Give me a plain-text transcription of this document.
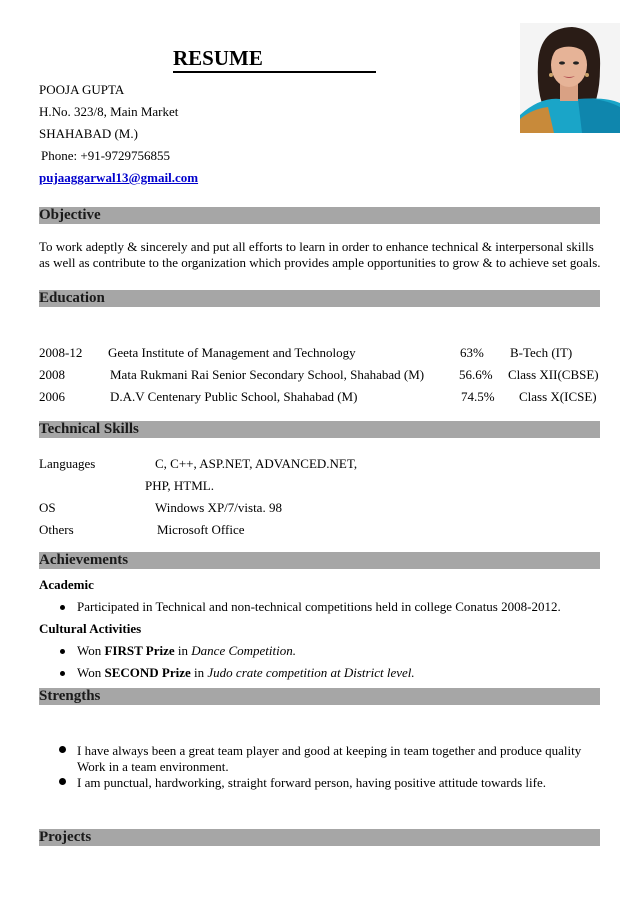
RESUME
POOJA GUPTA
H.No. 323/8, Main Market
SHAHABAD (M.)
Phone: +91-9729756855
pujaaggarwal13@gmail.com
Objective
To work adeptly & sincerely and put all efforts to learn in order to enhance technical & interpersonal skills
as well as contribute to the organization which provides ample opportunities to grow & to achieve set goals.
Education
2008-12 Geeta Institute of Management and Technology	63% B-Tech (IT)
2008	Mata Rukmani Rai Senior Secondary School, Shahabad (M)	56.6% Class XII(CBSE)
2006	D.A.V Centenary Public School, Shahabad (M)	74.5% Class X(ICSE)
Technical Skills
Languages	C, C++, ASP.NET, ADVANCED.NET,
PHP, HTML.
OS	Windows XP/7/vista. 98
Others	Microsoft Office
Achievements
Academic
Participated in Technical and non-technical competitions held in college Conatus 2008-2012.
Cultural Activities
Won FIRST Prize in Dance Competition.
Won SECOND Prize in Judo crate competition at District level.
Strengths
I have always been a great team player and good at keeping in team together and produce quality
Work in a team environment.
I am punctual, hardworking, straight forward person, having positive attitude towards life.
Projects
